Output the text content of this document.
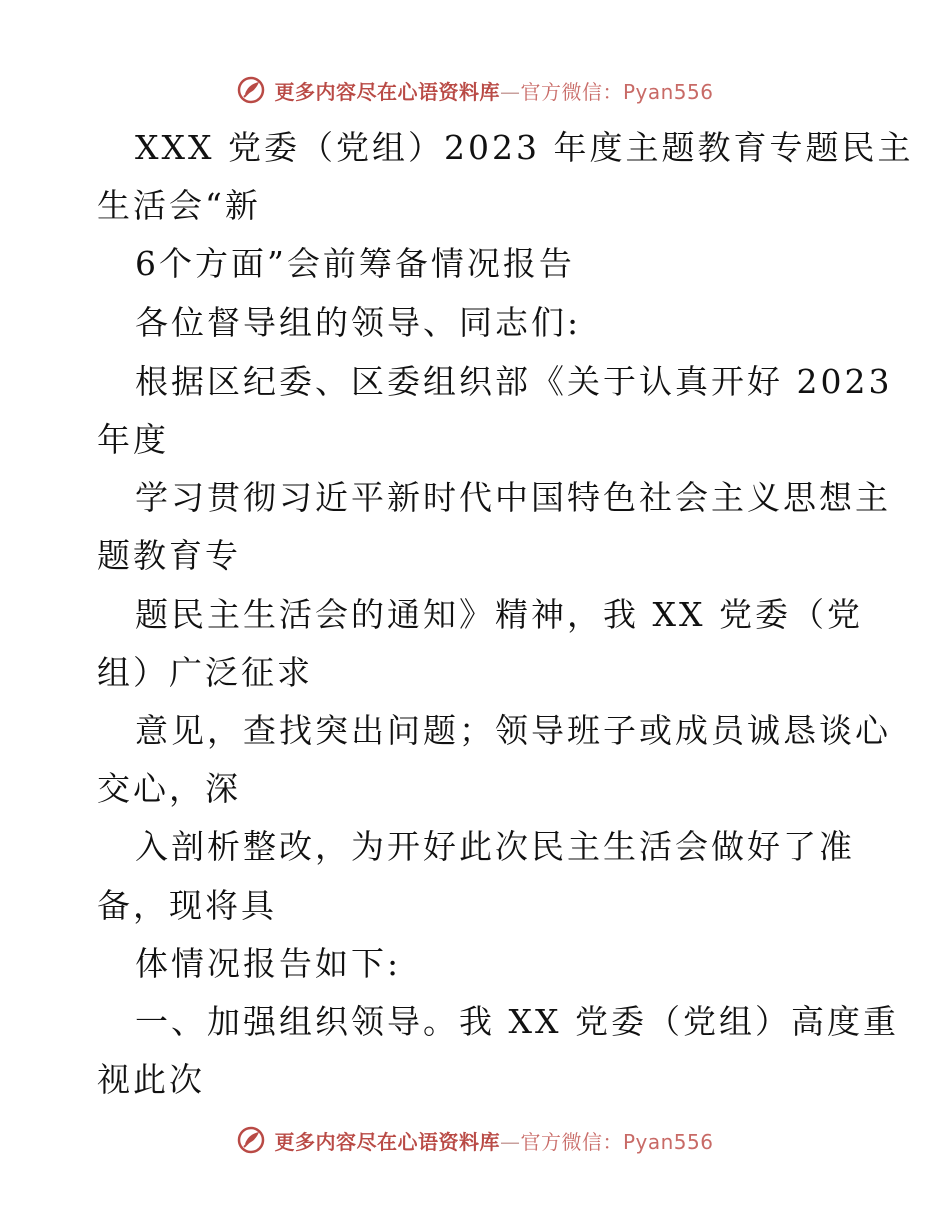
更多内容尽在心语资料库—官方微信：Pyan556
XXX 党委（党组）2023 年度主题教育专题民主
生活会“新
6个方面”会前筹备情况报告
各位督导组的领导、同志们:
根据区纪委、区委组织部《关于认真开好 2023
年度
学习贯彻习近平新时代中国特色社会主义思想主
题教育专
题民主生活会的通知》精神，我 XX 党委（党
组）广泛征求
意见，查找突出问题；领导班子或成员诚恳谈心
交心，深
入剖析整改，为开好此次民主生活会做好了准
备，现将具
体情况报告如下:
一、加强组织领导。我 XX 党委（党组）高度重
视此次
更多内容尽在心语资料库—官方微信：Pyan556
